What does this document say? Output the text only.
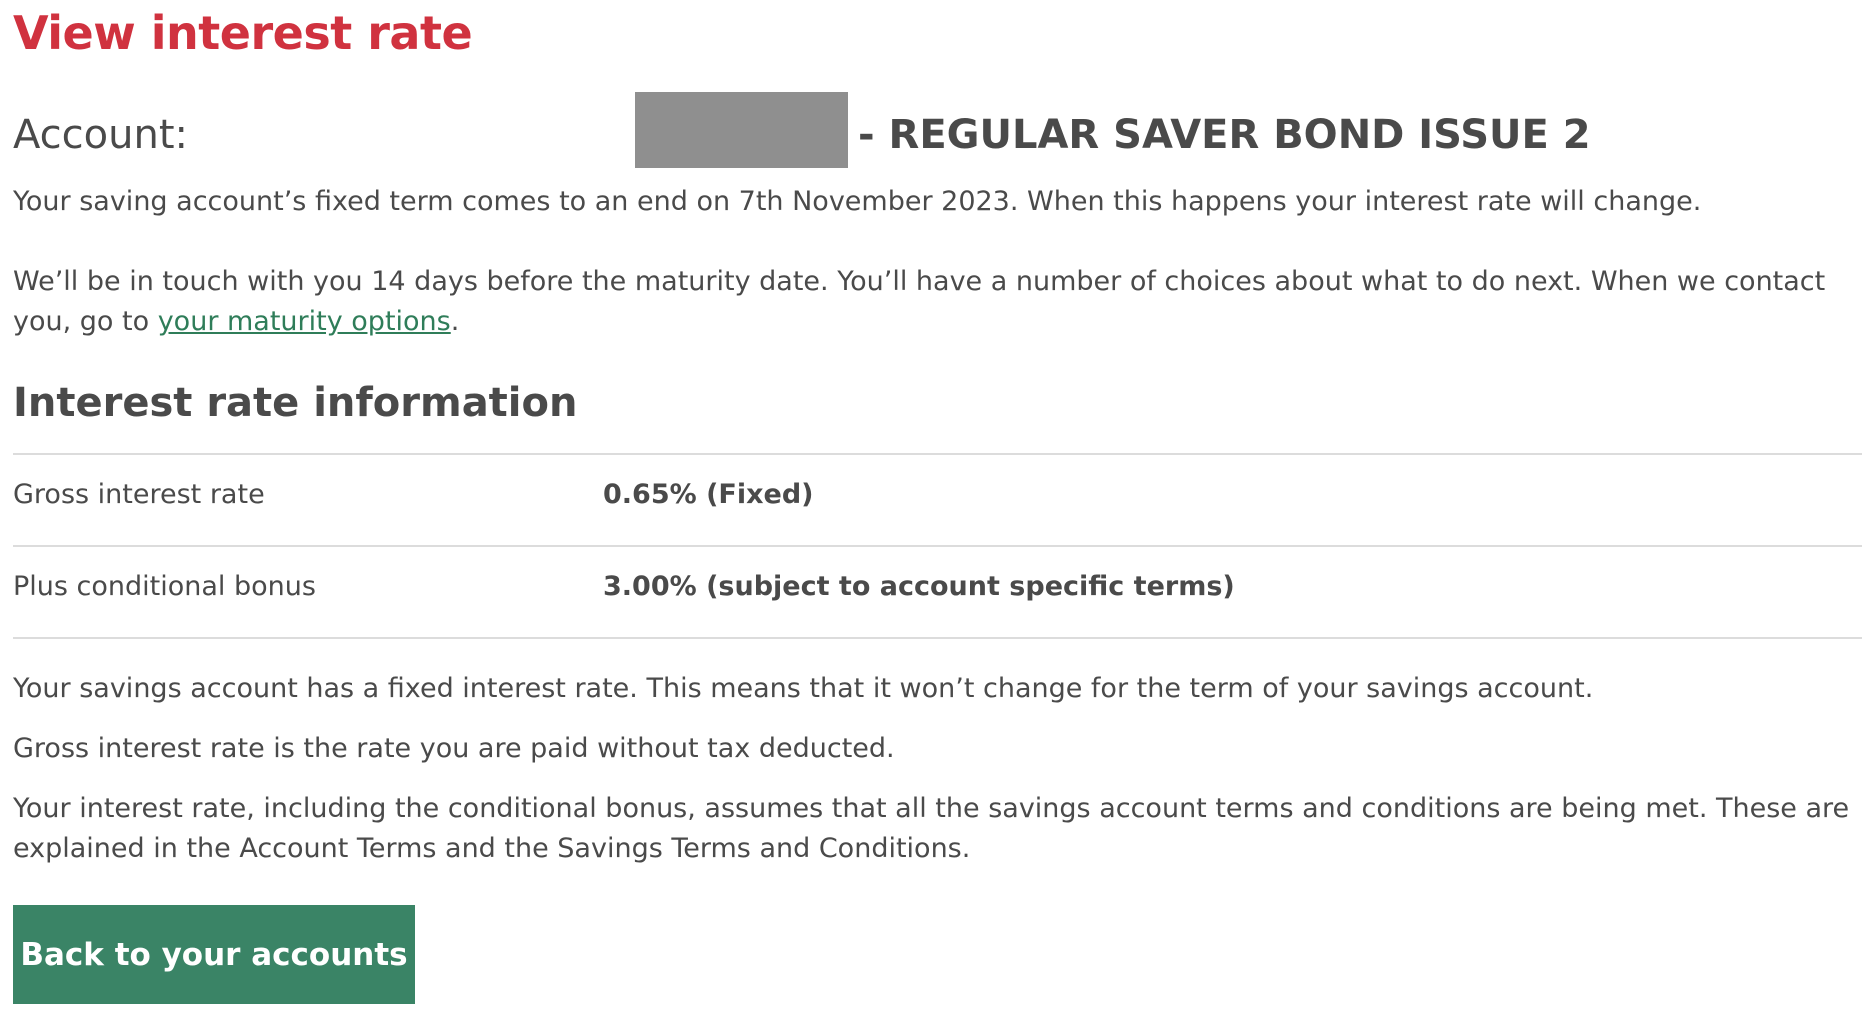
View interest rate
Account:	- REGULAR SAVER BOND ISSUE 2

Your saving account’s fixed term comes to an end on 7th November 2023. When this happens your interest rate will change.

We’ll be in touch with you 14 days before the maturity date. You’ll have a number of choices about what to do next. When we contact you, go to your maturity options.

Interest rate information
Gross interest rate	0.65% (Fixed)
Plus conditional bonus	3.00% (subject to account specific terms)

Your savings account has a fixed interest rate. This means that it won’t change for the term of your savings account.

Gross interest rate is the rate you are paid without tax deducted.

Your interest rate, including the conditional bonus, assumes that all the savings account terms and conditions are being met. These are explained in the Account Terms and the Savings Terms and Conditions.

Back to your accounts
